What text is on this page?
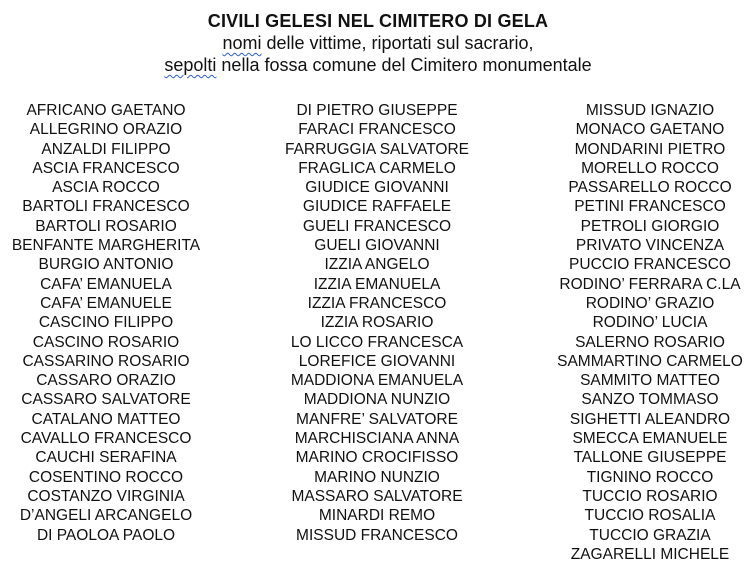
CIVILI GELESI NEL CIMITERO DI GELA
nomi delle vittime, riportati sul sacrario,
sepolti nella fossa comune del Cimitero monumentale
AFRICANO GAETANO
ALLEGRINO ORAZIO
ANZALDI FILIPPO
ASCIA FRANCESCO
ASCIA ROCCO
BARTOLI FRANCESCO
BARTOLI ROSARIO
BENFANTE MARGHERITA
BURGIO ANTONIO
CAFA’ EMANUELA
CAFA’ EMANUELE
CASCINO FILIPPO
CASCINO ROSARIO
CASSARINO ROSARIO
CASSARO ORAZIO
CASSARO SALVATORE
CATALANO MATTEO
CAVALLO FRANCESCO
CAUCHI SERAFINA
COSENTINO ROCCO
COSTANZO VIRGINIA
D’ANGELI ARCANGELO
DI PAOLOA PAOLO
DI PIETRO GIUSEPPE
FARACI FRANCESCO
FARRUGGIA SALVATORE
FRAGLICA CARMELO
GIUDICE GIOVANNI
GIUDICE RAFFAELE
GUELI FRANCESCO
GUELI GIOVANNI
IZZIA ANGELO
IZZIA EMANUELA
IZZIA FRANCESCO
IZZIA ROSARIO
LO LICCO FRANCESCA
LOREFICE GIOVANNI
MADDIONA EMANUELA
MADDIONA NUNZIO
MANFRE’ SALVATORE
MARCHISCIANA ANNA
MARINO CROCIFISSO
MARINO NUNZIO
MASSARO SALVATORE
MINARDI REMO
MISSUD FRANCESCO
MISSUD IGNAZIO
MONACO GAETANO
MONDARINI PIETRO
MORELLO ROCCO
PASSARELLO ROCCO
PETINI FRANCESCO
PETROLI GIORGIO
PRIVATO VINCENZA
PUCCIO FRANCESCO
RODINO’ FERRARA C.LA
RODINO’ GRAZIO
RODINO’ LUCIA
SALERNO ROSARIO
SAMMARTINO CARMELO
SAMMITO MATTEO
SANZO TOMMASO
SIGHETTI ALEANDRO
SMECCA EMANUELE
TALLONE GIUSEPPE
TIGNINO ROCCO
TUCCIO ROSARIO
TUCCIO ROSALIA
TUCCIO GRAZIA
ZAGARELLI MICHELE
